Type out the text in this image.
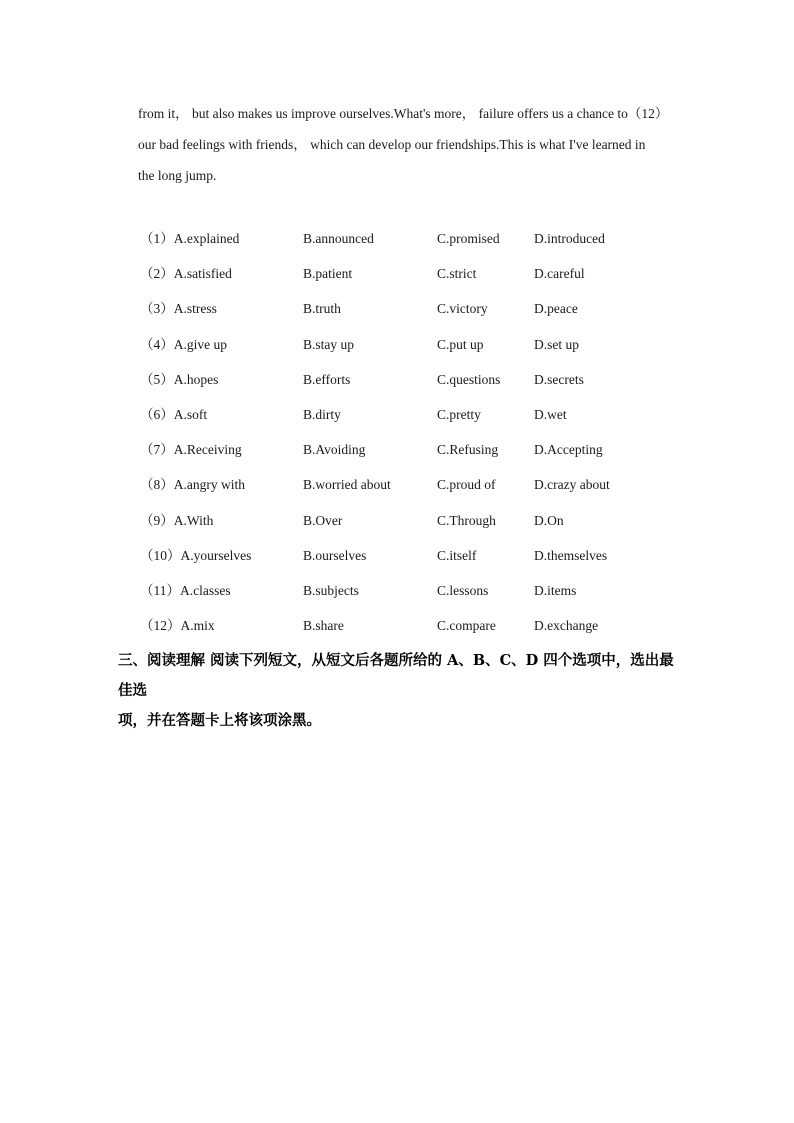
from it， but also makes us improve ourselves.What's more， failure offers us a chance to（12）
our bad feelings with friends， which can develop our friendships.This is what I've learned in
the long jump.
（1）A.explained	B.announced	C.promised	D.introduced
（2）A.satisfied	B.patient	C.strict	D.careful
（3）A.stress	B.truth	C.victory	D.peace
（4）A.give up	B.stay up	C.put up	D.set up
（5）A.hopes	B.efforts	C.questions D.secrets
（6）A.soft	B.dirty	C.pretty	D.wet
（7）A.Receiving	B.Avoiding	C.Refusing	D.Accepting
（8）A.angry with	B.worried about	C.proud of	D.crazy about
（9）A.With	B.Over	C.Through	D.On
（10）A.yourselves	B.ourselves	C.itself	D.themselves
（11）A.classes	B.subjects	C.lessons	D.items
（12）A.mix	B.share	C.compare	D.exchange
三、阅读理解 阅读下列短文，从短文后各题所给的 A、B、C、D 四个选项中，选出最佳选
项，并在答题卡上将该项涂黑。
